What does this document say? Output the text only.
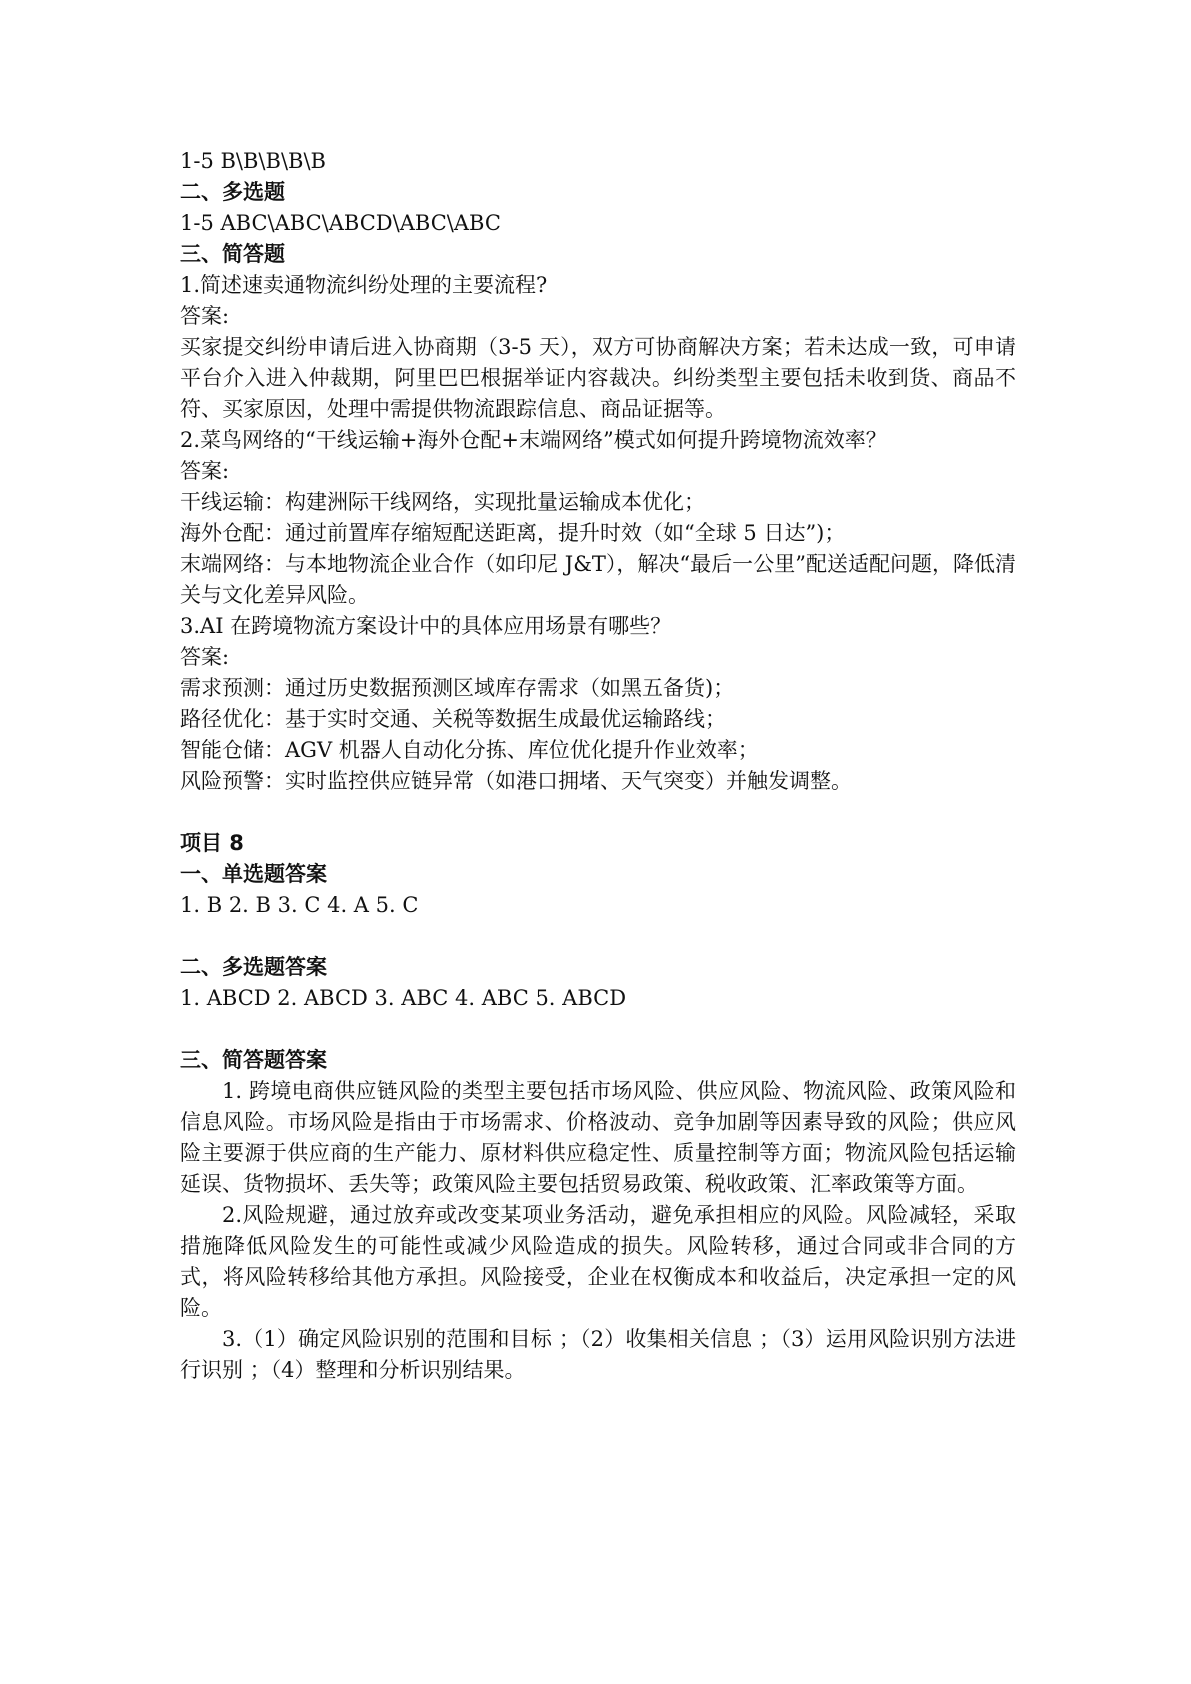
1-5 B\B\B\B\B
二、多选题
1-5 ABC\ABC\ABCD\ABC\ABC
三、简答题
1.简述速卖通物流纠纷处理的主要流程?
答案:
买家提交纠纷申请后进入协商期（3-5 天），双方可协商解决方案；若未达成一致，可申请平台介入进入仲裁期，阿里巴巴根据举证内容裁决。纠纷类型主要包括未收到货、商品不符、买家原因，处理中需提供物流跟踪信息、商品证据等。
2.菜鸟网络的“干线运输+海外仓配+末端网络”模式如何提升跨境物流效率？
答案:
干线运输：构建洲际干线网络，实现批量运输成本优化；
海外仓配：通过前置库存缩短配送距离，提升时效（如“全球 5 日达”)；
末端网络：与本地物流企业合作（如印尼 J&T），解决“最后一公里”配送适配问题，降低清关与文化差异风险。
3.AI 在跨境物流方案设计中的具体应用场景有哪些？
答案:
需求预测：通过历史数据预测区域库存需求（如黑五备货)；
路径优化：基于实时交通、关税等数据生成最优运输路线；
智能仓储：AGV 机器人自动化分拣、库位优化提升作业效率；
风险预警：实时监控供应链异常（如港口拥堵、天气突变）并触发调整。
项目 8
一、单选题答案
1. B 2. B 3. C 4. A 5. C
二、多选题答案
1. ABCD 2. ABCD 3. ABC 4. ABC 5. ABCD
三、简答题答案
1. 跨境电商供应链风险的类型主要包括市场风险、供应风险、物流风险、政策风险和信息风险。市场风险是指由于市场需求、价格波动、竞争加剧等因素导致的风险；供应风险主要源于供应商的生产能力、原材料供应稳定性、质量控制等方面；物流风险包括运输延误、货物损坏、丢失等；政策风险主要包括贸易政策、税收政策、汇率政策等方面。
2.风险规避，通过放弃或改变某项业务活动，避免承担相应的风险。风险减轻，采取措施降低风险发生的可能性或减少风险造成的损失。风险转移，通过合同或非合同的方式，将风险转移给其他方承担。风险接受，企业在权衡成本和收益后，决定承担一定的风险。
3.（1）确定风险识别的范围和目标 ；（2）收集相关信息 ；（3）运用风险识别方法进行识别 ；（4）整理和分析识别结果。
